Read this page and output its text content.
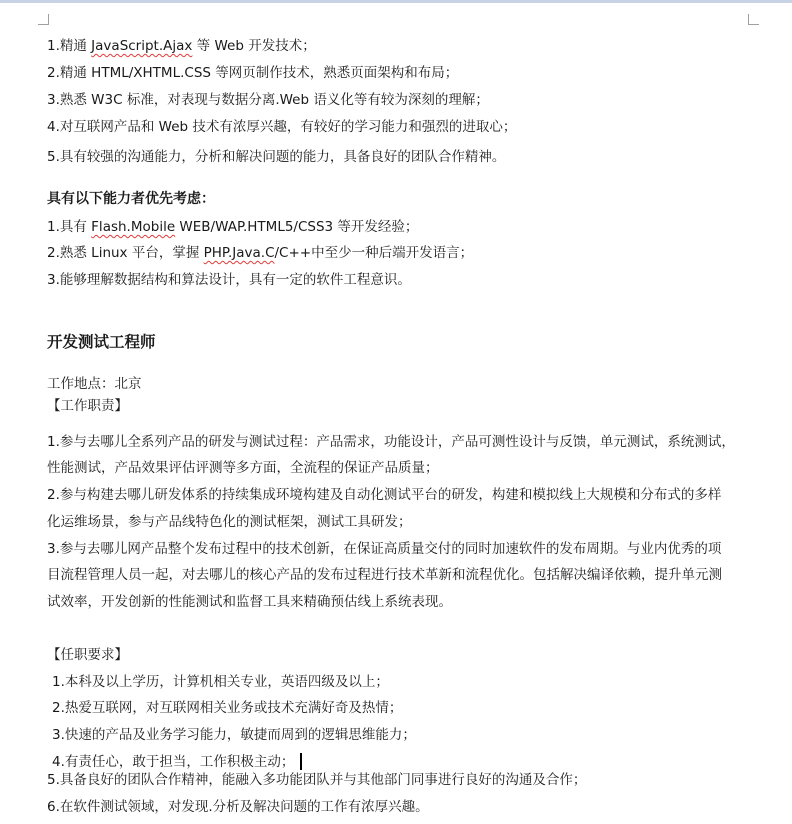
1.精通 JavaScript.Ajax 等 Web 开发技术；
2.精通 HTML/XHTML.CSS 等网页制作技术，熟悉页面架构和布局；
3.熟悉 W3C 标准，对表现与数据分离.Web 语义化等有较为深刻的理解；
4.对互联网产品和 Web 技术有浓厚兴趣，有较好的学习能力和强烈的进取心；
5.具有较强的沟通能力，分析和解决问题的能力，具备良好的团队合作精神。
具有以下能力者优先考虑：
1.具有 Flash.Mobile WEB/WAP.HTML5/CSS3 等开发经验；
2.熟悉 Linux 平台，掌握 PHP.Java.C/C++中至少一种后端开发语言；
3.能够理解数据结构和算法设计，具有一定的软件工程意识。
开发测试工程师
工作地点：北京
【工作职责】
1.参与去哪儿全系列产品的研发与测试过程：产品需求，功能设计，产品可测性设计与反馈，单元测试，系统测试，
性能测试，产品效果评估评测等多方面，全流程的保证产品质量；
2.参与构建去哪儿研发体系的持续集成环境构建及自动化测试平台的研发，构建和模拟线上大规模和分布式的多样
化运维场景，参与产品线特色化的测试框架，测试工具研发；
3.参与去哪儿网产品整个发布过程中的技术创新，在保证高质量交付的同时加速软件的发布周期。与业内优秀的项
目流程管理人员一起，对去哪儿的核心产品的发布过程进行技术革新和流程优化。包括解决编译依赖，提升单元测
试效率，开发创新的性能测试和监督工具来精确预估线上系统表现。
【任职要求】
1.本科及以上学历，计算机相关专业，英语四级及以上；
2.热爱互联网，对互联网相关业务或技术充满好奇及热情；
3.快速的产品及业务学习能力，敏捷而周到的逻辑思维能力；
4.有责任心，敢于担当，工作积极主动；
5.具备良好的团队合作精神，能融入多功能团队并与其他部门同事进行良好的沟通及合作；
6.在软件测试领域，对发现.分析及解决问题的工作有浓厚兴趣。
